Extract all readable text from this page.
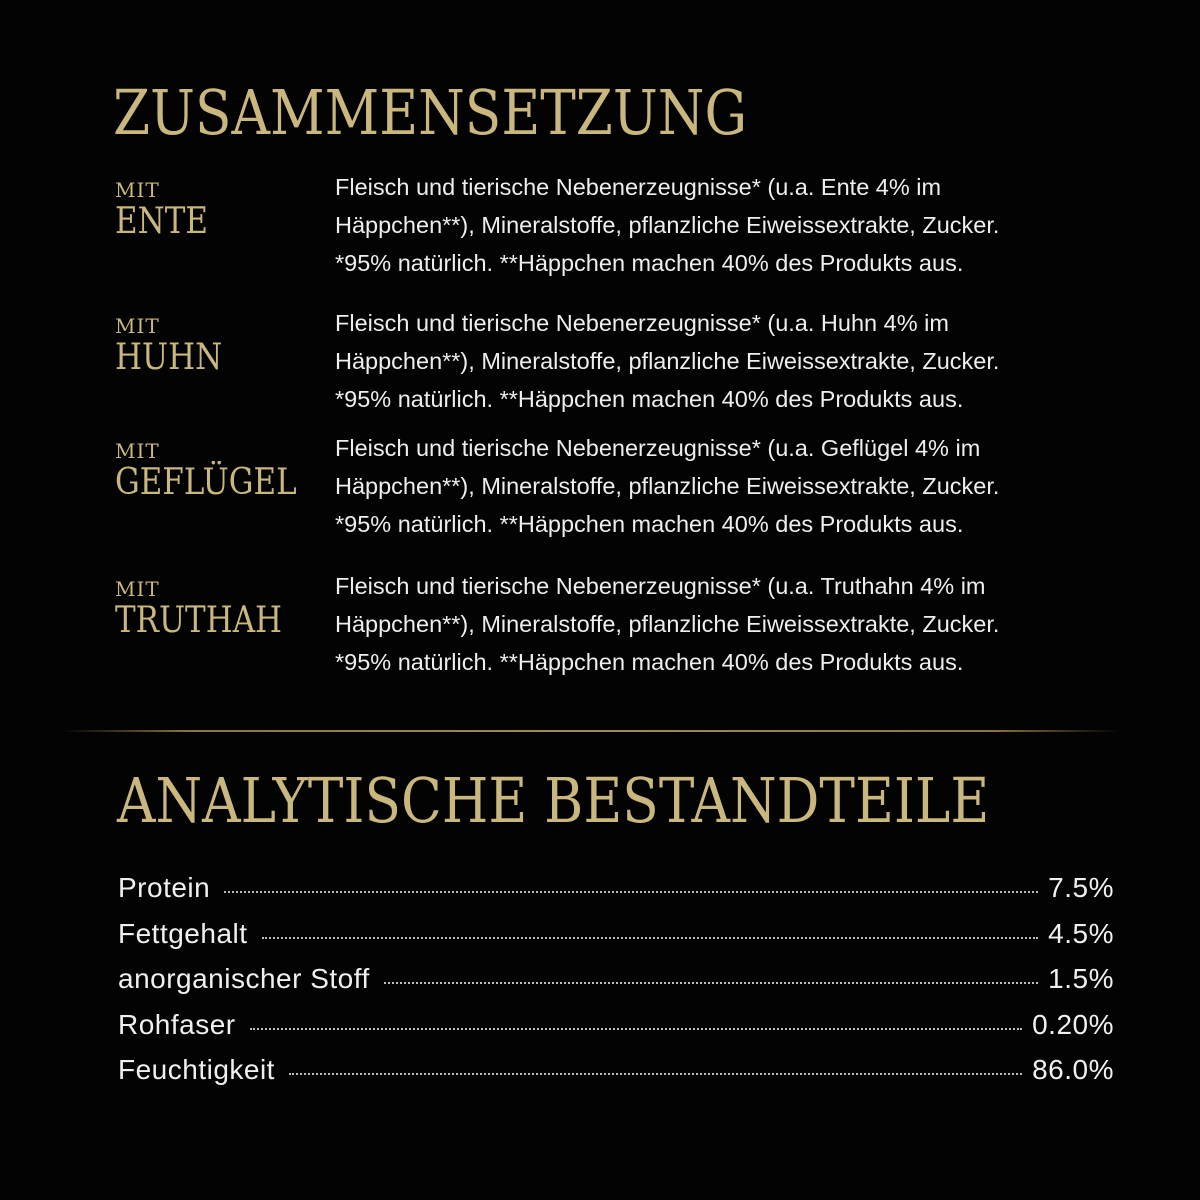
ZUSAMMENSETZUNG
MIT
ENTE

Fleisch und tierische Nebenerzeugnisse* (u.a. Ente 4% im
Häppchen**), Mineralstoffe, pflanzliche Eiweissextrakte, Zucker.
*95% natürlich. **Häppchen machen 40% des Produkts aus.

MIT
HUHN

Fleisch und tierische Nebenerzeugnisse* (u.a. Huhn 4% im
Häppchen**), Mineralstoffe, pflanzliche Eiweissextrakte, Zucker.
*95% natürlich. **Häppchen machen 40% des Produkts aus.

MIT
GEFLÜGEL

Fleisch und tierische Nebenerzeugnisse* (u.a. Geflügel 4% im
Häppchen**), Mineralstoffe, pflanzliche Eiweissextrakte, Zucker.
*95% natürlich. **Häppchen machen 40% des Produkts aus.

MIT
TRUTHAH

Fleisch und tierische Nebenerzeugnisse* (u.a. Truthahn 4% im
Häppchen**), Mineralstoffe, pflanzliche Eiweissextrakte, Zucker.
*95% natürlich. **Häppchen machen 40% des Produkts aus.

ANALYTISCHE BESTANDTEILE
Protein	7.5%
Fettgehalt	4.5%
anorganischer Stoff	1.5%
Rohfaser	0.20%
Feuchtigkeit	86.0%
